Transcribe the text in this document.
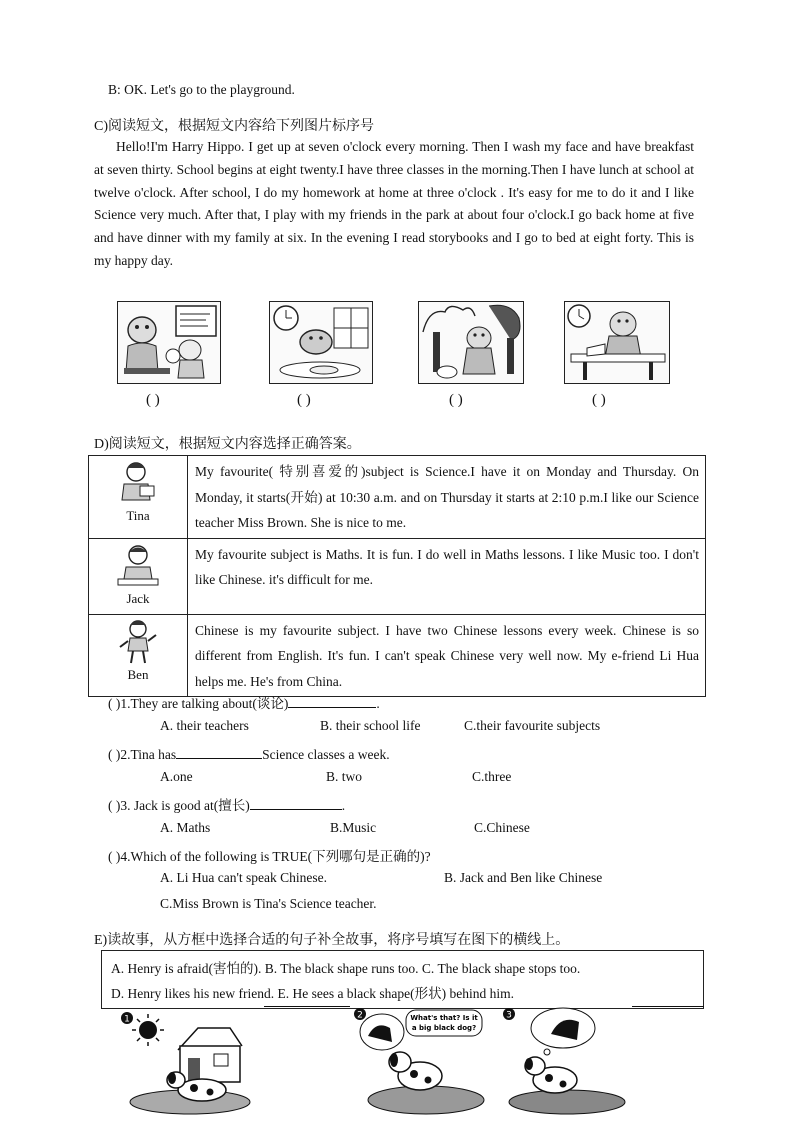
B: OK. Let's go to the playground.
C)阅读短文，根据短文内容给下列图片标序号

Hello!I'm Harry Hippo. I get up at seven o'clock every morning. Then I wash my face and have breakfast at seven thirty. School begins at eight twenty.I have three classes in the morning.Then I have lunch at school at twelve o'clock. After school, I do my homework at home at three o'clock . It's easy for me to do it and I like Science very much. After that, I play with my friends in the park at about four o'clock.I go back home at five and have dinner with my family at six. In the evening I read storybooks and I go to bed at eight forty. This is my happy day.

( )	( )	( )	( )
D)阅读短文，根据短文内容选择正确答案。
Tina	My favourite( 特别喜爱的)subject is Science.I have it on Monday and Thursday. On Monday, it starts(开始) at 10:30 a.m. and on Thursday it starts at 2:10 p.m.I like our Science teacher Miss Brown. She is nice to me.

Jack	My favourite subject is Maths. It is fun. I do well in Maths lessons. I like Music too. I don't like Chinese. it's difficult for me.

Ben	Chinese is my favourite subject. I have two Chinese lessons every week. Chinese is so different from English. It's fun. I can't speak Chinese very well now. My e-friend Li Hua helps me. He's from China.
( )1.They are talking about(谈论)	.
A. their teachers	B. their school life	C.their favourite subjects
( )2.Tina has	Science classes a week.
A.one	B. two	C.three
( )3. Jack is good at(擅长)	.
A. Maths	B.Music	C.Chinese
( )4.Which of the following is TRUE(下列哪句是正确的)?
A. Li Hua can't speak Chinese.	B. Jack and Ben like Chinese
C.Miss Brown is Tina's Science teacher.
E)读故事，从方框中选择合适的句子补全故事，将序号填写在图下的横线上。
A. Henry is afraid(害怕的). B. The black shape runs too. C. The black shape stops too.
D. Henry likes his new friend. E. He sees a black shape(形状) behind him.
1	2	What's that? Is it
a big black dog?
3
